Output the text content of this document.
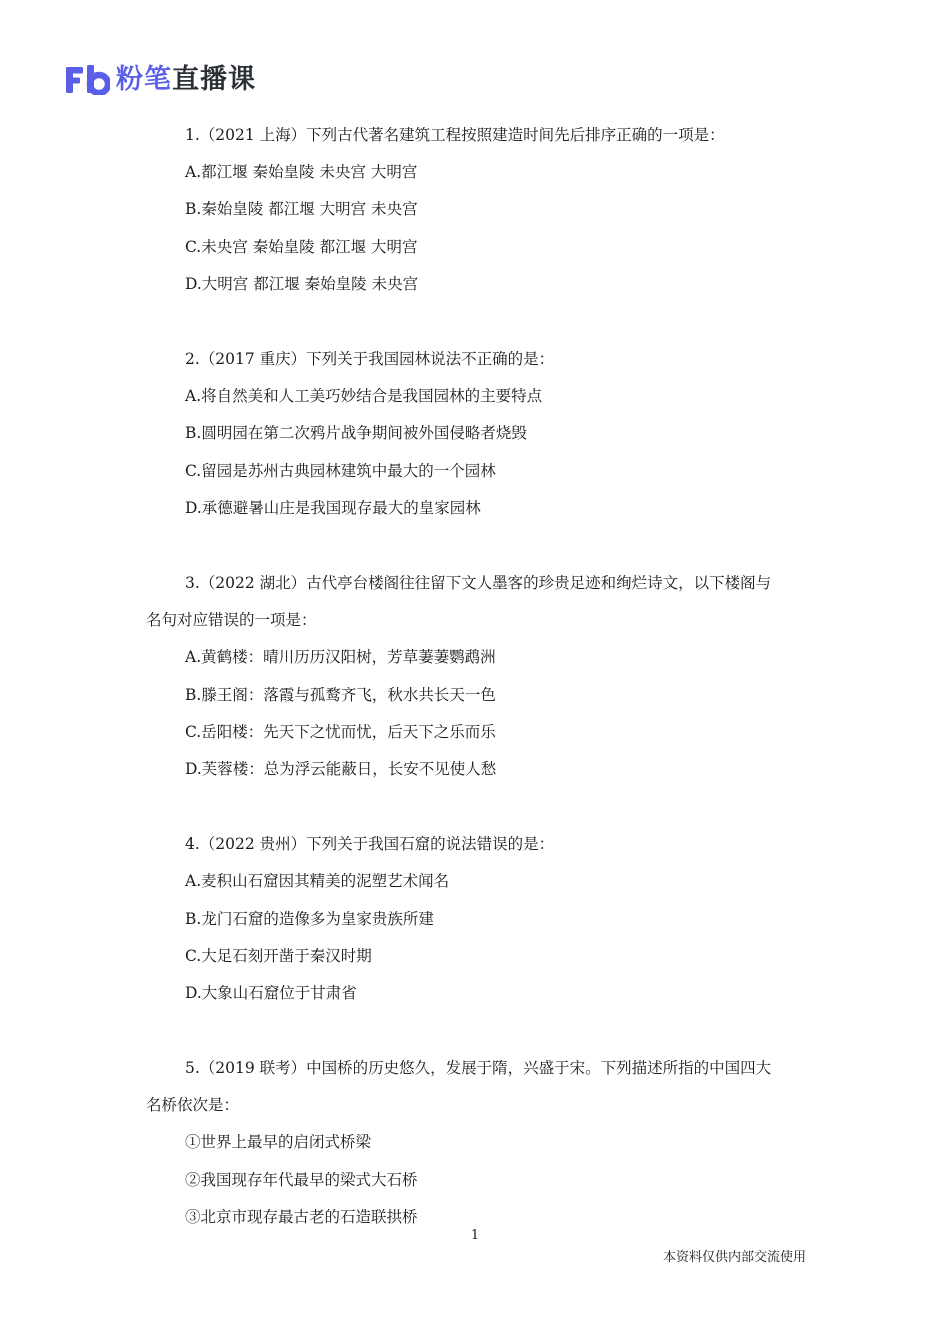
粉笔直播课
1.（2021 上海）下列古代著名建筑工程按照建造时间先后排序正确的一项是：
A.都江堰 秦始皇陵 未央宫 大明宫
B.秦始皇陵 都江堰 大明宫 未央宫
C.未央宫 秦始皇陵 都江堰 大明宫
D.大明宫 都江堰 秦始皇陵 未央宫
2.（2017 重庆）下列关于我国园林说法不正确的是：
A.将自然美和人工美巧妙结合是我国园林的主要特点
B.圆明园在第二次鸦片战争期间被外国侵略者烧毁
C.留园是苏州古典园林建筑中最大的一个园林
D.承德避暑山庄是我国现存最大的皇家园林
3.（2022 湖北）古代亭台楼阁往往留下文人墨客的珍贵足迹和绚烂诗文，以下楼阁与
名句对应错误的一项是：
A.黄鹤楼：晴川历历汉阳树，芳草萋萋鹦鹉洲
B.滕王阁：落霞与孤鹜齐飞，秋水共长天一色
C.岳阳楼：先天下之忧而忧，后天下之乐而乐
D.芙蓉楼：总为浮云能蔽日，长安不见使人愁
4.（2022 贵州）下列关于我国石窟的说法错误的是：
A.麦积山石窟因其精美的泥塑艺术闻名
B.龙门石窟的造像多为皇家贵族所建
C.大足石刻开凿于秦汉时期
D.大象山石窟位于甘肃省
5.（2019 联考）中国桥的历史悠久，发展于隋，兴盛于宋。下列描述所指的中国四大
名桥依次是：
①世界上最早的启闭式桥梁
②我国现存年代最早的梁式大石桥
③北京市现存最古老的石造联拱桥
1
本资料仅供内部交流使用
